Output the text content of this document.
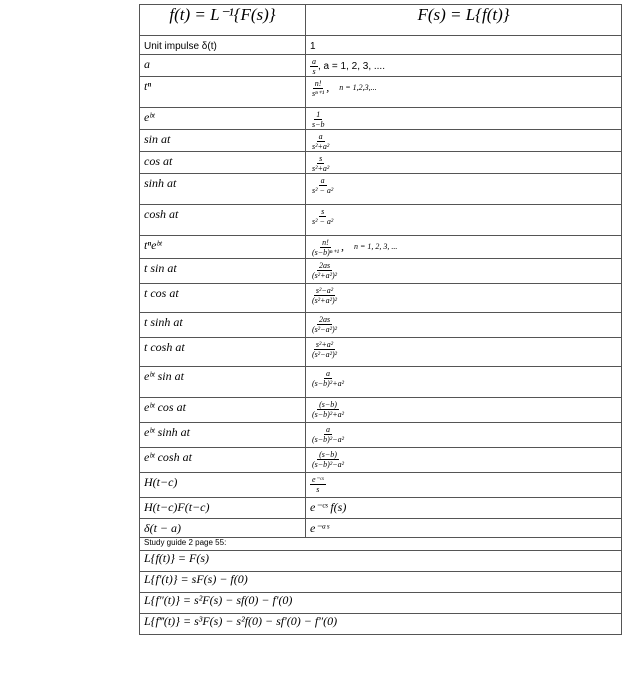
f(t) = L⁻¹{F(s)}	F(s) = L{f(t)}
Unit impulse δ(t)	1
a	$\frac{a}{s}$ , a = 1, 2, 3, ....
tⁿ	$\frac{n!}{\text{sⁿ⁺¹}}$ , n = 1,2,3,...
eᵇᵗ	$\frac{1}{s-b}$

sin at	$\frac{a}{\text{s²+a²}}$

cos at	$\frac{s}{\text{s²+a²}}$

sinh at	$\frac{a}{\text{s² − a²}}$

cosh at	$\frac{s}{\text{s² − a²}}$

tⁿeᵇᵗ	$\frac{n!}{\text{(s−b)ⁿ⁺¹}}$ , n = 1, 2, 3, ...
t sin at	$\frac{2as}{\text{(s²+a²)²}}$

t cos at	$\frac{\text{s²−a²}}{\text{(s²+a²)²}}$

t sinh at	$\frac{2as}{\text{(s²−a²)²}}$

t cosh at	$\frac{\text{s²+a²}}{\text{(s²−a²)²}}$

eᵇᵗ sin at	$\frac{a}{\text{(s−b)²+a²}}$

eᵇᵗ cos at	$\frac{(s-b)}{\text{(s−b)²+a²}}$

eᵇᵗ sinh at	$\frac{a}{\text{(s−b)²−a²}}$

eᵇᵗ cosh at	$\frac{(s-b)}{\text{(s−b)²−a²}}$

H(t−c)	$\frac{\text{e⁻ᶜˢ}}{s}$

H(t−c)F(t−c)	e⁻ᶜˢ f(s)
δ(t − a)	e⁻ᵃˢ
Study guide 2 page 55:	
L{f(t)} = F(s)	
L{f′(t)} = sF(s) − f(0)	
L{f″(t)} = s²F(s) − sf(0) − f′(0)	
L{f‴(t)} = s³F(s) − s²f(0) − sf′(0) − f″(0)	
